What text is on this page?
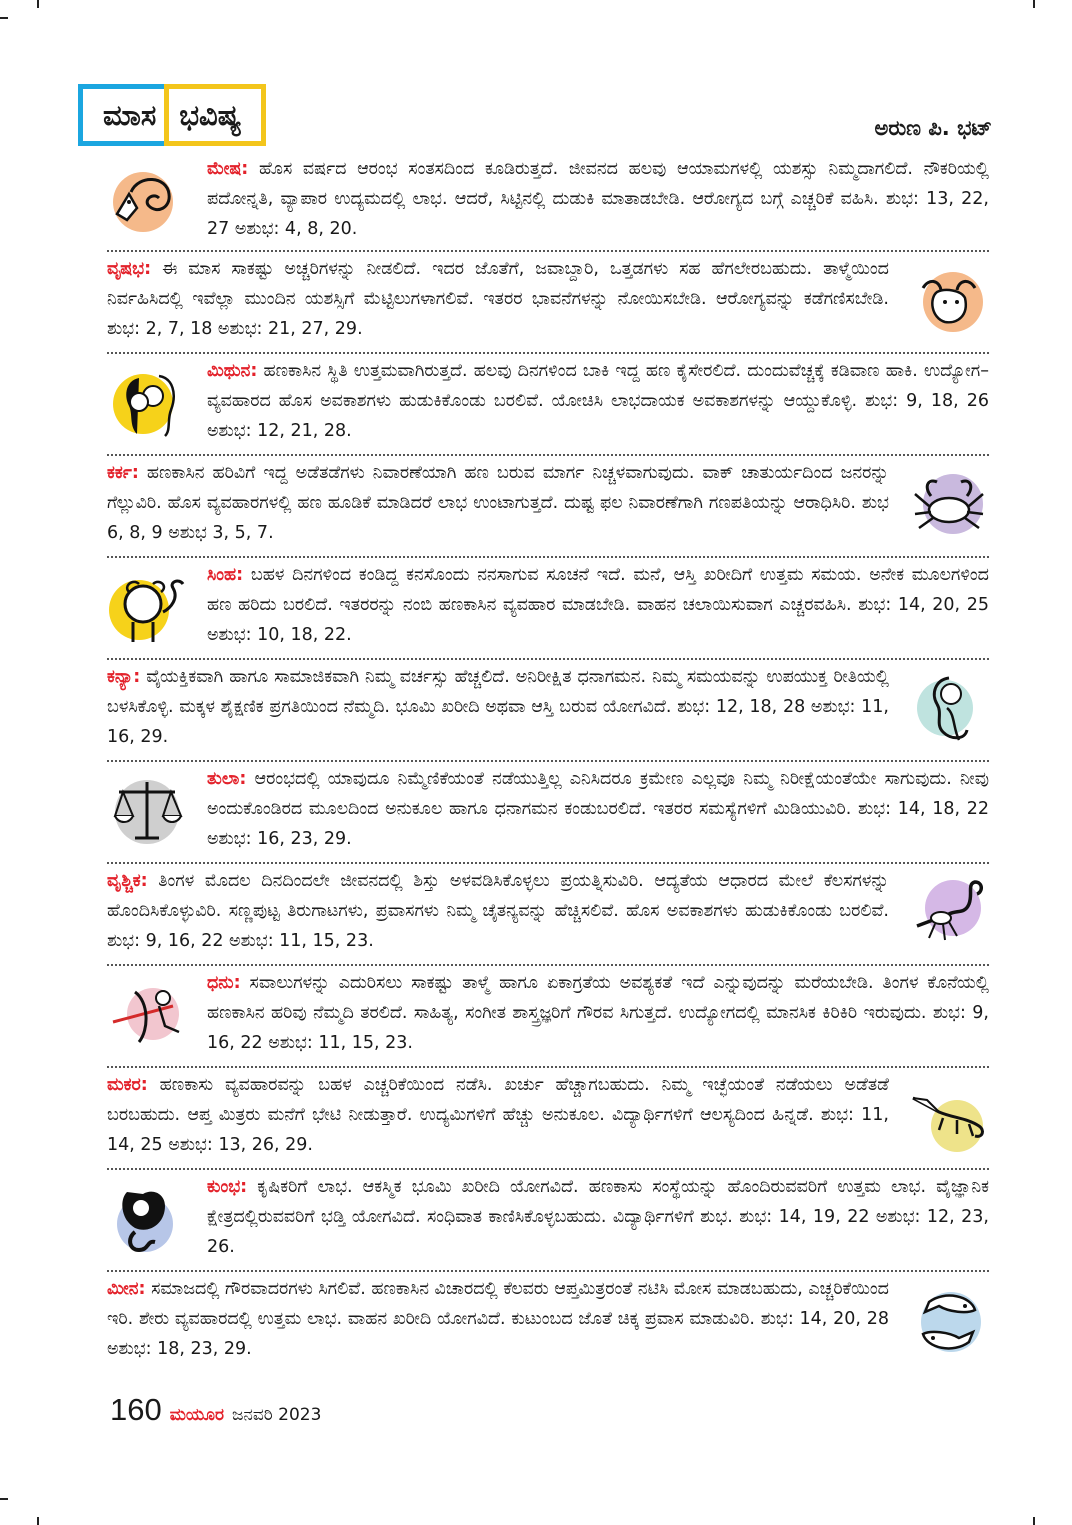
ಮಾಸ ಭವಿಷ್ಯ	ಅರುಣ ಪಿ. ಭಟ್
ಮೇಷ: ಹೊಸ ವರ್ಷದ ಆರಂಭ ಸಂತಸದಿಂದ ಕೂಡಿರುತ್ತದೆ. ಜೀವನದ ಹಲವು ಆಯಾಮಗಳಲ್ಲಿ ಯಶಸ್ಸು ನಿಮ್ಮದಾಗಲಿದೆ. ನೌಕರಿಯಲ್ಲಿ ಪದೋನ್ನತಿ, ವ್ಯಾಪಾರ ಉದ್ಯಮದಲ್ಲಿ ಲಾಭ. ಆದರೆ, ಸಿಟ್ಟಿನಲ್ಲಿ ದುಡುಕಿ ಮಾತಾಡಬೇಡಿ. ಆರೋಗ್ಯದ ಬಗ್ಗೆ ಎಚ್ಚರಿಕೆ ವಹಿಸಿ. ಶುಭ: 13, 22, 27 ಅಶುಭ: 4, 8, 20.
ವೃಷಭ: ಈ ಮಾಸ ಸಾಕಷ್ಟು ಅಚ್ಚರಿಗಳನ್ನು ನೀಡಲಿದೆ. ಇದರ ಜೊತೆಗೆ, ಜವಾಬ್ದಾರಿ, ಒತ್ತಡಗಳು ಸಹ ಹೆಗಲೇರಬಹುದು. ತಾಳ್ಮೆಯಿಂದ ನಿರ್ವಹಿಸಿದಲ್ಲಿ ಇವೆಲ್ಲಾ ಮುಂದಿನ ಯಶಸ್ಸಿಗೆ ಮೆಟ್ಟಿಲುಗಳಾಗಲಿವೆ. ಇತರರ ಭಾವನೆಗಳನ್ನು ನೋಯಿಸಬೇಡಿ. ಆರೋಗ್ಯವನ್ನು ಕಡೆಗಣಿಸಬೇಡಿ. ಶುಭ: 2, 7, 18 ಅಶುಭ: 21, 27, 29.
ಮಿಥುನ: ಹಣಕಾಸಿನ ಸ್ಥಿತಿ ಉತ್ತಮವಾಗಿರುತ್ತದೆ. ಹಲವು ದಿನಗಳಿಂದ ಬಾಕಿ ಇದ್ದ ಹಣ ಕೈಸೇರಲಿದೆ. ದುಂದುವೆಚ್ಚಕ್ಕೆ ಕಡಿವಾಣ ಹಾಕಿ. ಉದ್ಯೋಗ–ವ್ಯವಹಾರದ ಹೊಸ ಅವಕಾಶಗಳು ಹುಡುಕಿಕೊಂಡು ಬರಲಿವೆ. ಯೋಚಿಸಿ ಲಾಭದಾಯಕ ಅವಕಾಶಗಳನ್ನು ಆಯ್ದುಕೊಳ್ಳಿ. ಶುಭ: 9, 18, 26 ಅಶುಭ: 12, 21, 28.
ಕರ್ಕ: ಹಣಕಾಸಿನ ಹರಿವಿಗೆ ಇದ್ದ ಅಡೆತಡೆಗಳು ನಿವಾರಣೆಯಾಗಿ ಹಣ ಬರುವ ಮಾರ್ಗ ನಿಚ್ಚಳವಾಗುವುದು. ವಾಕ್ ಚಾತುರ್ಯದಿಂದ ಜನರನ್ನು ಗೆಲ್ಲುವಿರಿ. ಹೊಸ ವ್ಯವಹಾರಗಳಲ್ಲಿ ಹಣ ಹೂಡಿಕೆ ಮಾಡಿದರೆ ಲಾಭ ಉಂಟಾಗುತ್ತದೆ. ದುಷ್ಟ ಫಲ ನಿವಾರಣೆಗಾಗಿ ಗಣಪತಿಯನ್ನು ಆರಾಧಿಸಿರಿ. ಶುಭ 6, 8, 9 ಅಶುಭ 3, 5, 7.
ಸಿಂಹ: ಬಹಳ ದಿನಗಳಿಂದ ಕಂಡಿದ್ದ ಕನಸೊಂದು ನನಸಾಗುವ ಸೂಚನೆ ಇದೆ. ಮನೆ, ಆಸ್ತಿ ಖರೀದಿಗೆ ಉತ್ತಮ ಸಮಯ. ಅನೇಕ ಮೂಲಗಳಿಂದ ಹಣ ಹರಿದು ಬರಲಿದೆ. ಇತರರನ್ನು ನಂಬಿ ಹಣಕಾಸಿನ ವ್ಯವಹಾರ ಮಾಡಬೇಡಿ. ವಾಹನ ಚಲಾಯಿಸುವಾಗ ಎಚ್ಚರವಹಿಸಿ. ಶುಭ: 14, 20, 25 ಅಶುಭ: 10, 18, 22.
ಕನ್ಯಾ: ವೈಯಕ್ತಿಕವಾಗಿ ಹಾಗೂ ಸಾಮಾಜಿಕವಾಗಿ ನಿಮ್ಮ ವರ್ಚಸ್ಸು ಹೆಚ್ಚಲಿದೆ. ಅನಿರೀಕ್ಷಿತ ಧನಾಗಮನ. ನಿಮ್ಮ ಸಮಯವನ್ನು ಉಪಯುಕ್ತ ರೀತಿಯಲ್ಲಿ ಬಳಸಿಕೊಳ್ಳಿ. ಮಕ್ಕಳ ಶೈಕ್ಷಣಿಕ ಪ್ರಗತಿಯಿಂದ ನೆಮ್ಮದಿ. ಭೂಮಿ ಖರೀದಿ ಅಥವಾ ಆಸ್ತಿ ಬರುವ ಯೋಗವಿದೆ. ಶುಭ: 12, 18, 28 ಅಶುಭ: 11, 16, 29.
ತುಲಾ: ಆರಂಭದಲ್ಲಿ ಯಾವುದೂ ನಿಮ್ಮೆಣಿಕೆಯಂತೆ ನಡೆಯುತ್ತಿಲ್ಲ ಎನಿಸಿದರೂ ಕ್ರಮೇಣ ಎಲ್ಲವೂ ನಿಮ್ಮ ನಿರೀಕ್ಷೆಯಂತೆಯೇ ಸಾಗುವುದು. ನೀವು ಅಂದುಕೊಂಡಿರದ ಮೂಲದಿಂದ ಅನುಕೂಲ ಹಾಗೂ ಧನಾಗಮನ ಕಂಡುಬರಲಿದೆ. ಇತರರ ಸಮಸ್ಯೆಗಳಿಗೆ ಮಿಡಿಯುವಿರಿ. ಶುಭ: 14, 18, 22 ಅಶುಭ: 16, 23, 29.
ವೃಶ್ಚಿಕ: ತಿಂಗಳ ಮೊದಲ ದಿನದಿಂದಲೇ ಜೀವನದಲ್ಲಿ ಶಿಸ್ತು ಅಳವಡಿಸಿಕೊಳ್ಳಲು ಪ್ರಯತ್ನಿಸುವಿರಿ. ಆದ್ಯತೆಯ ಆಧಾರದ ಮೇಲೆ ಕೆಲಸಗಳನ್ನು ಹೊಂದಿಸಿಕೊಳ್ಳುವಿರಿ. ಸಣ್ಣಪುಟ್ಟ ತಿರುಗಾಟಗಳು, ಪ್ರವಾಸಗಳು ನಿಮ್ಮ ಚೈತನ್ಯವನ್ನು ಹೆಚ್ಚಿಸಲಿವೆ. ಹೊಸ ಅವಕಾಶಗಳು ಹುಡುಕಿಕೊಂಡು ಬರಲಿವೆ. ಶುಭ: 9, 16, 22 ಅಶುಭ: 11, 15, 23.
ಧನು: ಸವಾಲುಗಳನ್ನು ಎದುರಿಸಲು ಸಾಕಷ್ಟು ತಾಳ್ಮೆ ಹಾಗೂ ಏಕಾಗ್ರತೆಯ ಅವಶ್ಯಕತೆ ಇದೆ ಎನ್ನುವುದನ್ನು ಮರೆಯಬೇಡಿ. ತಿಂಗಳ ಕೊನೆಯಲ್ಲಿ ಹಣಕಾಸಿನ ಹರಿವು ನೆಮ್ಮದಿ ತರಲಿದೆ. ಸಾಹಿತ್ಯ, ಸಂಗೀತ ಶಾಸ್ತ್ರಜ್ಞರಿಗೆ ಗೌರವ ಸಿಗುತ್ತದೆ. ಉದ್ಯೋಗದಲ್ಲಿ ಮಾನಸಿಕ ಕಿರಿಕಿರಿ ಇರುವುದು. ಶುಭ: 9, 16, 22 ಅಶುಭ: 11, 15, 23.
ಮಕರ: ಹಣಕಾಸು ವ್ಯವಹಾರವನ್ನು ಬಹಳ ಎಚ್ಚರಿಕೆಯಿಂದ ನಡೆಸಿ. ಖರ್ಚು ಹೆಚ್ಚಾಗಬಹುದು. ನಿಮ್ಮ ಇಚ್ಛೆಯಂತೆ ನಡೆಯಲು ಅಡೆತಡೆ ಬರಬಹುದು. ಆಪ್ತ ಮಿತ್ರರು ಮನೆಗೆ ಭೇಟಿ ನೀಡುತ್ತಾರೆ. ಉದ್ಯಮಿಗಳಿಗೆ ಹೆಚ್ಚು ಅನುಕೂಲ. ವಿದ್ಯಾರ್ಥಿಗಳಿಗೆ ಆಲಸ್ಯದಿಂದ ಹಿನ್ನಡೆ. ಶುಭ: 11, 14, 25 ಅಶುಭ: 13, 26, 29.
ಕುಂಭ: ಕೃಷಿಕರಿಗೆ ಲಾಭ. ಆಕಸ್ಮಿಕ ಭೂಮಿ ಖರೀದಿ ಯೋಗವಿದೆ. ಹಣಕಾಸು ಸಂಸ್ಥೆಯನ್ನು ಹೊಂದಿರುವವರಿಗೆ ಉತ್ತಮ ಲಾಭ. ವೈಜ್ಞಾನಿಕ ಕ್ಷೇತ್ರದಲ್ಲಿರುವವರಿಗೆ ಭಡ್ತಿ ಯೋಗವಿದೆ. ಸಂಧಿವಾತ ಕಾಣಿಸಿಕೊಳ್ಳಬಹುದು. ವಿದ್ಯಾರ್ಥಿಗಳಿಗೆ ಶುಭ. ಶುಭ: 14, 19, 22 ಅಶುಭ: 12, 23, 26.
ಮೀನ: ಸಮಾಜದಲ್ಲಿ ಗೌರವಾದರಗಳು ಸಿಗಲಿವೆ. ಹಣಕಾಸಿನ ವಿಚಾರದಲ್ಲಿ ಕೆಲವರು ಆಪ್ತಮಿತ್ರರಂತೆ ನಟಿಸಿ ಮೋಸ ಮಾಡಬಹುದು, ಎಚ್ಚರಿಕೆಯಿಂದ ಇರಿ. ಶೇರು ವ್ಯವಹಾರದಲ್ಲಿ ಉತ್ತಮ ಲಾಭ. ವಾಹನ ಖರೀದಿ ಯೋಗವಿದೆ. ಕುಟುಂಬದ ಜೊತೆ ಚಿಕ್ಕ ಪ್ರವಾಸ ಮಾಡುವಿರಿ. ಶುಭ: 14, 20, 28 ಅಶುಭ: 18, 23, 29.
160 ಮಯೂರ ಜನವರಿ 2023
